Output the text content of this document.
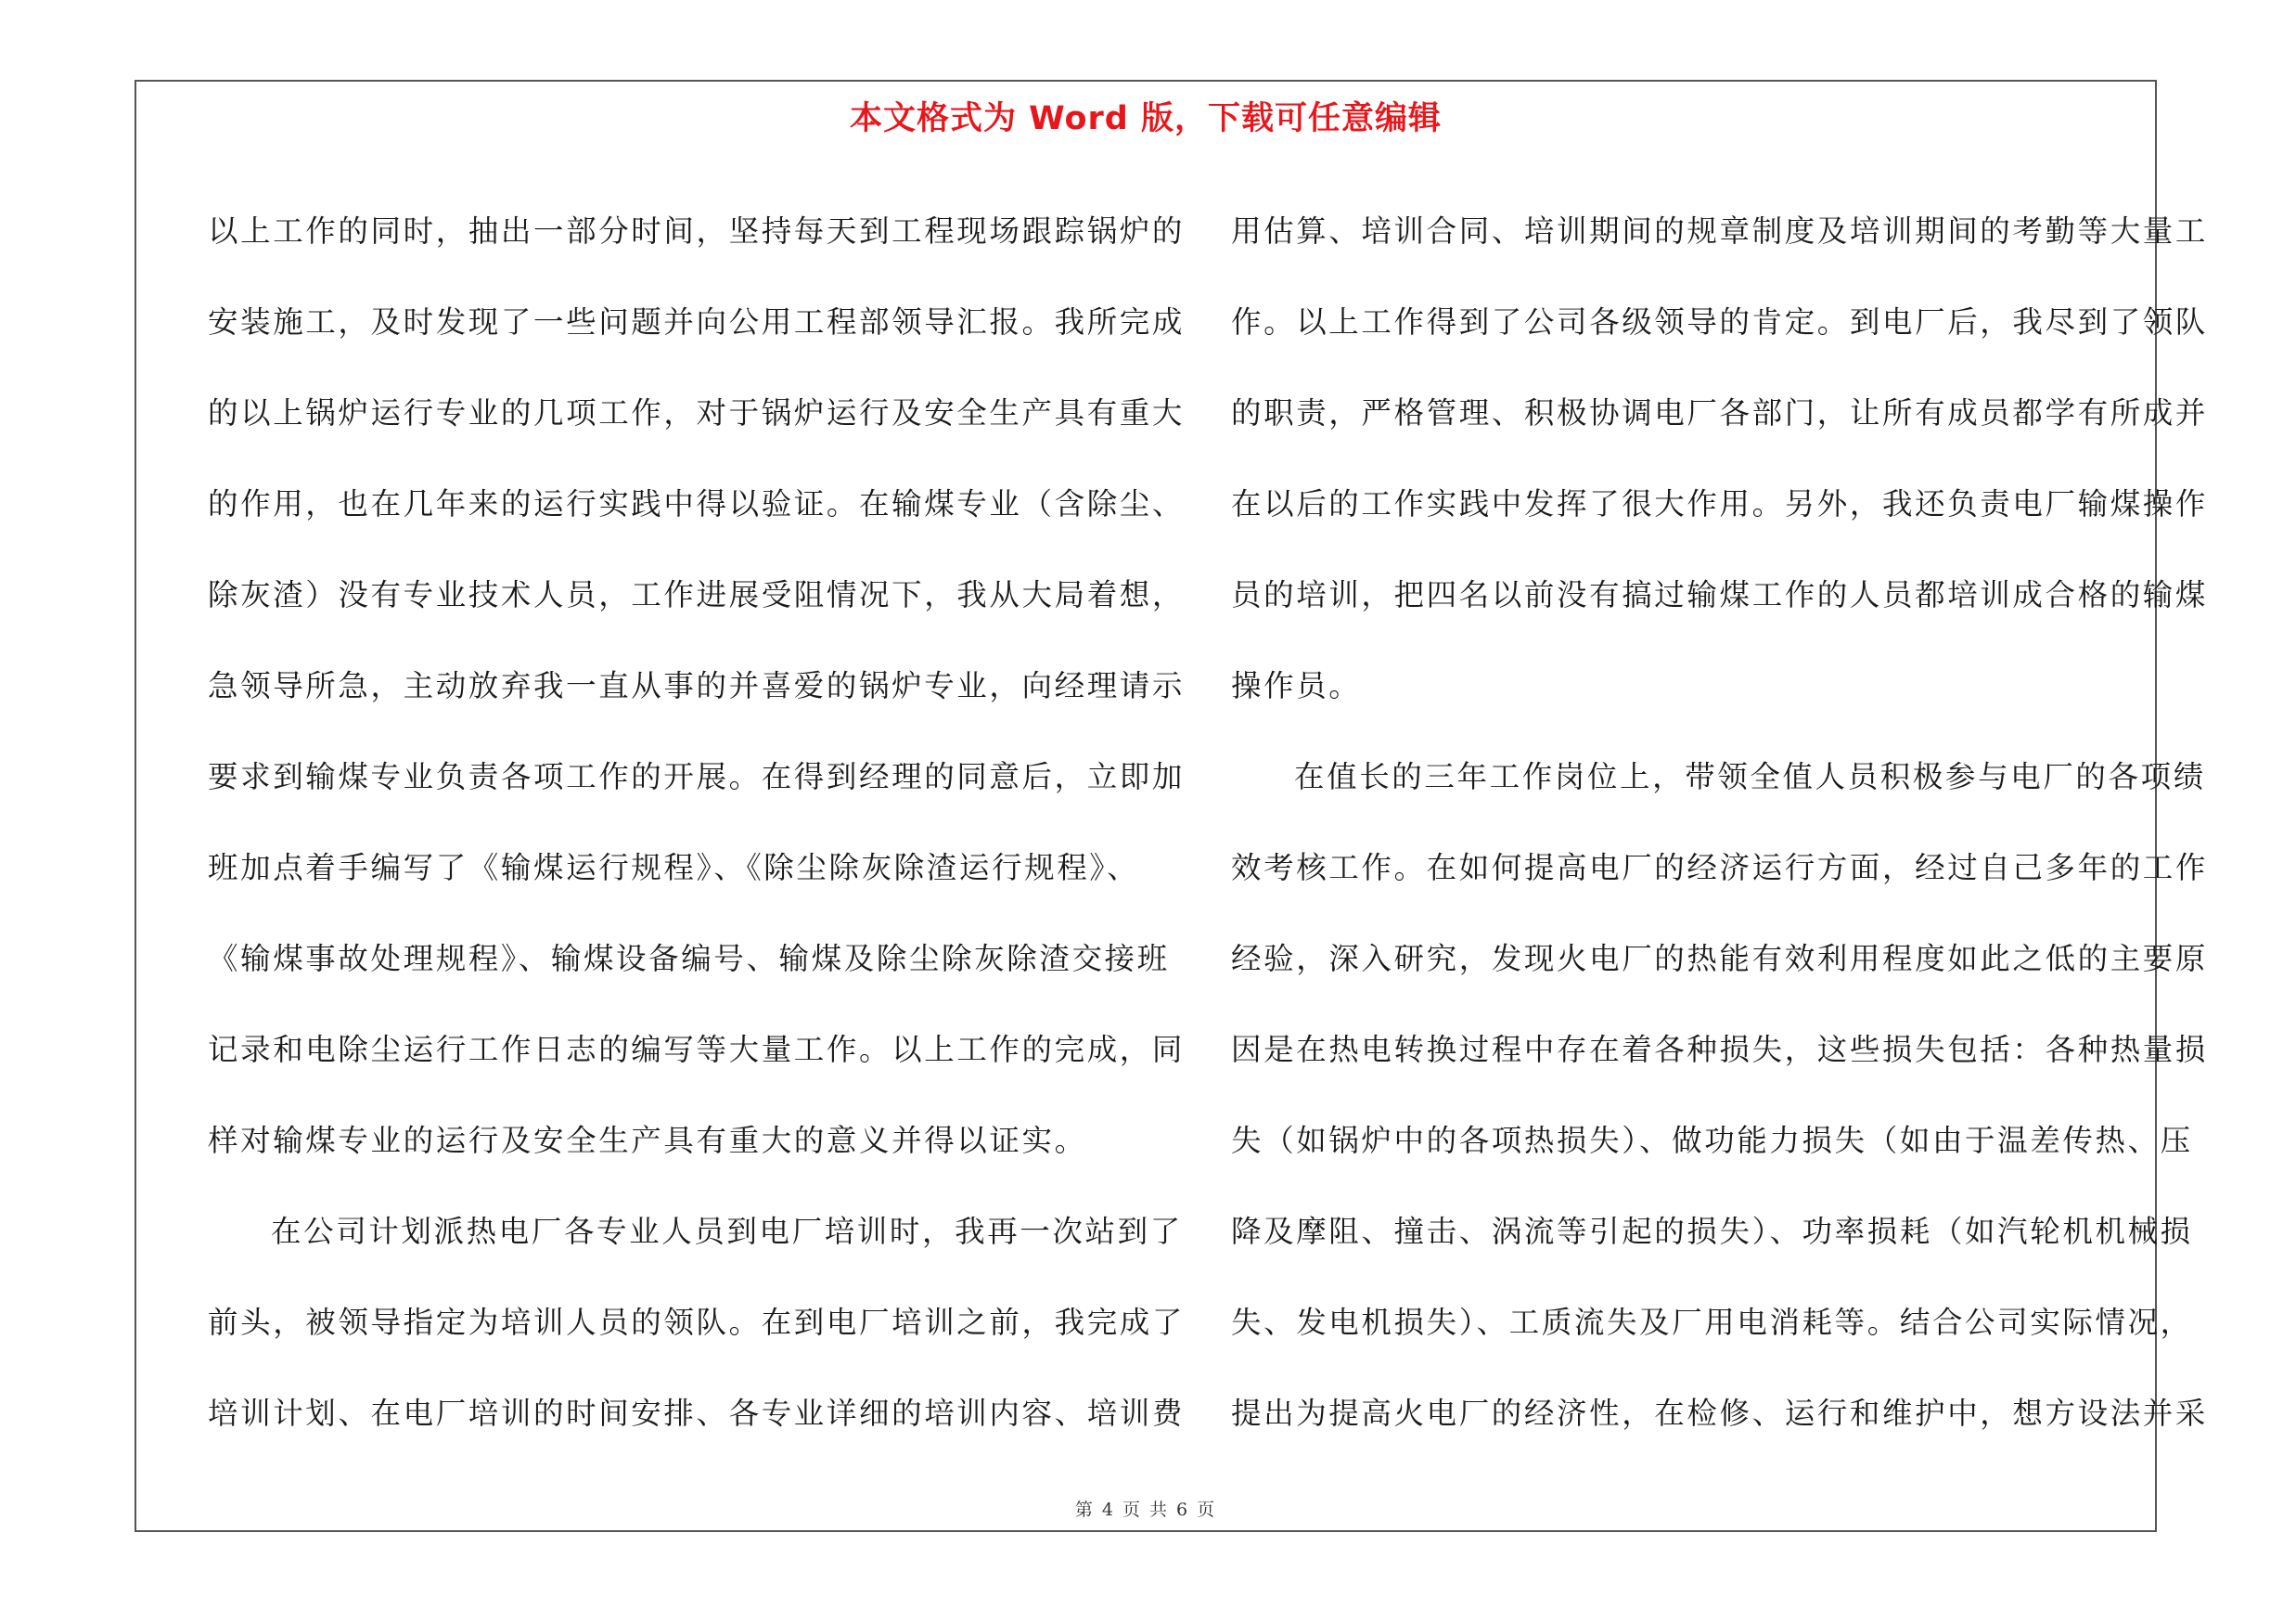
本文格式为 Word 版，下载可任意编辑
以上工作的同时，抽出一部分时间，坚持每天到工程现场跟踪锅炉的
安装施工，及时发现了一些问题并向公用工程部领导汇报。我所完成
的以上锅炉运行专业的几项工作，对于锅炉运行及安全生产具有重大
的作用，也在几年来的运行实践中得以验证。在输煤专业（含除尘、
除灰渣）没有专业技术人员，工作进展受阻情况下，我从大局着想，
急领导所急，主动放弃我一直从事的并喜爱的锅炉专业，向经理请示
要求到输煤专业负责各项工作的开展。在得到经理的同意后，立即加
班加点着手编写了《输煤运行规程》、《除尘除灰除渣运行规程》、
《输煤事故处理规程》、输煤设备编号、输煤及除尘除灰除渣交接班
记录和电除尘运行工作日志的编写等大量工作。以上工作的完成，同
样对输煤专业的运行及安全生产具有重大的意义并得以证实。
在公司计划派热电厂各专业人员到电厂培训时，我再一次站到了
前头，被领导指定为培训人员的领队。在到电厂培训之前，我完成了
培训计划、在电厂培训的时间安排、各专业详细的培训内容、培训费
用估算、培训合同、培训期间的规章制度及培训期间的考勤等大量工
作。以上工作得到了公司各级领导的肯定。到电厂后，我尽到了领队
的职责，严格管理、积极协调电厂各部门，让所有成员都学有所成并
在以后的工作实践中发挥了很大作用。另外，我还负责电厂输煤操作
员的培训，把四名以前没有搞过输煤工作的人员都培训成合格的输煤
操作员。
在值长的三年工作岗位上，带领全值人员积极参与电厂的各项绩
效考核工作。在如何提高电厂的经济运行方面，经过自己多年的工作
经验，深入研究，发现火电厂的热能有效利用程度如此之低的主要原
因是在热电转换过程中存在着各种损失，这些损失包括：各种热量损
失（如锅炉中的各项热损失）、做功能力损失（如由于温差传热、压
降及摩阻、撞击、涡流等引起的损失）、功率损耗（如汽轮机机械损
失、发电机损失）、工质流失及厂用电消耗等。结合公司实际情况，
提出为提高火电厂的经济性，在检修、运行和维护中，想方设法并采
第 4 页 共 6 页
